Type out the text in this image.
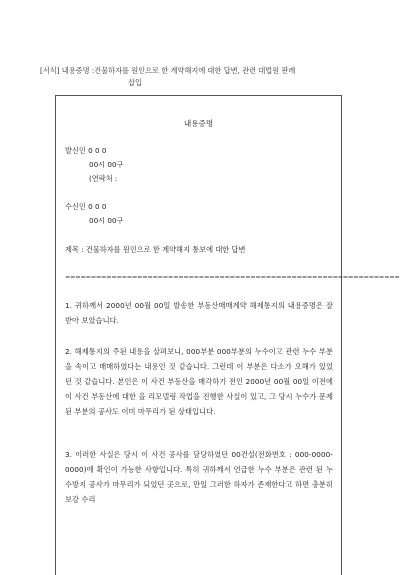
[서식] 내용증명 : 건물하자를 원인으로 한 계약해지에 대한 답변, 관련 대법원 판례
삽입
내용증명
발신인 0 0 0
00시 00구
(연락처 :
수신인 0 0 0
00시 00구
제목 : 건물하자를 원인으로 한 계약해지 통보에 대한 답변
=================================================================

1. 귀하께서 2000년 00월 00일 발송한 부동산매매계약 해제통지의 내용증명은 잘 받아 보았습니다.

2. 해제통지의 주된 내용을 살펴보니, 000부분 000부분의 누수이고 관련 누수 부분을 속이고 매매하였다는 내용인 것 같습니다. 그런데 이 부분은 다소가 오해가 있었던 것 같습니다. 본인은 이 사건 부동산을 매각하기 전인 2000년 00월 00일 이전에 이 사건 부동산에 대한 을 리모델링 작업을 진행한 사실이 있고, 그 당시 누수가 문제된 부분의 공사도 이미 마무리가 된 상태입니다.

3. 이러한 사실은 당시 이 사건 공사를 담당하였던 00건설(전화번호 : 000-0000-0000)에 확인이 가능한 사항입니다. 특히 귀하께서 언급한 누수 부분은 관련 된 누수방지 공사가 마무리가 되었던 곳으로, 만일 그러한 하자가 존재한다고 하면 충분히 보강 수리
